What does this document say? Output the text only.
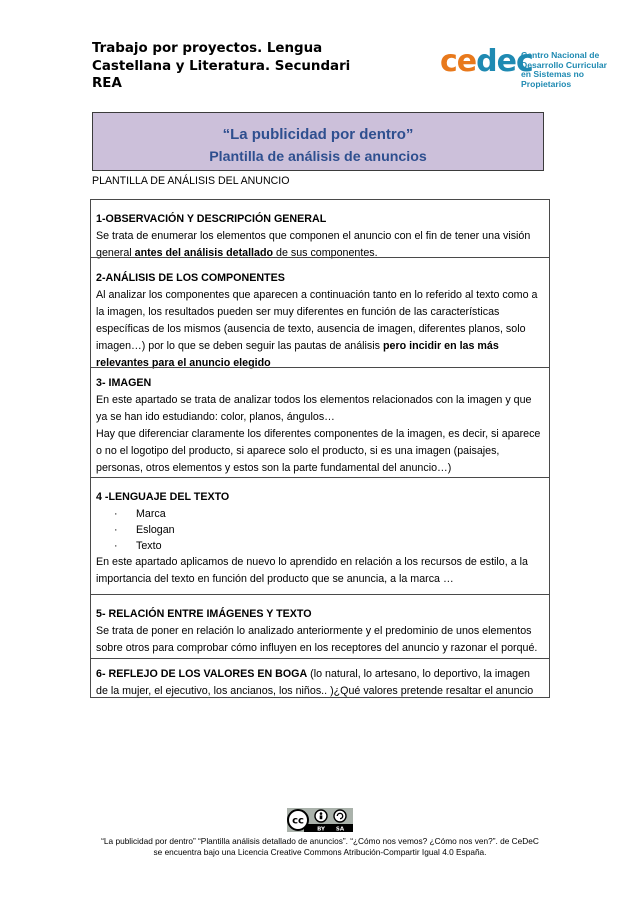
Trabajo por proyectos. Lengua
Castellana y Literatura. Secundari
REA
cedec
Centro Nacional de
Desarrollo Curricular
en Sistemas no Propietarios
“La publicidad por dentro”
Plantilla de análisis de anuncios
PLANTILLA DE ANÁLISIS DEL ANUNCIO
1-OBSERVACIÓN Y DESCRIPCIÓN GENERAL
Se trata de enumerar los elementos que componen el anuncio con el fin de tener una visión general antes del análisis detallado de sus componentes.
2-ANÁLISIS DE LOS COMPONENTES
Al analizar los componentes que aparecen a continuación tanto en lo referido al texto como a la imagen, los resultados pueden ser muy diferentes en función de las características específicas de los mismos (ausencia de texto, ausencia de imagen, diferentes planos, solo imagen…) por lo que se deben seguir las pautas de análisis pero incidir en las más relevantes para el anuncio elegido
3- IMAGEN
En este apartado se trata de analizar todos los elementos relacionados con la imagen y que ya se han ido estudiando: color, planos, ángulos…
Hay que diferenciar claramente los diferentes componentes de la imagen, es decir, si aparece o no el logotipo del producto, si aparece solo el producto, si es una imagen (paisajes, personas, otros elementos y estos son la parte fundamental del anuncio…)
4 -LENGUAJE DEL TEXTO
· Marca
· Eslogan
· Texto
En este apartado aplicamos de nuevo lo aprendido en relación a los recursos de estilo, a la importancia del texto en función del producto que se anuncia, a la marca …
5- RELACIÓN ENTRE IMÁGENES Y TEXTO
Se trata de poner en relación lo analizado anteriormente y el predominio de unos elementos sobre otros para comprobar cómo influyen en los receptores del anuncio y razonar el porqué.
6- REFLEJO DE LOS VALORES EN BOGA (lo natural, lo artesano, lo deportivo, la imagen de la mujer, el ejecutivo, los ancianos, los niños.. )¿Qué valores pretende resaltar el anuncio
cc
BY SA
“La publicidad por dentro” “Plantilla análisis detallado de anuncios”. “¿Cómo nos vemos? ¿Cómo nos ven?”. de CeDeC
se encuentra bajo una Licencia Creative Commons Atribución-Compartir Igual 4.0 España.
